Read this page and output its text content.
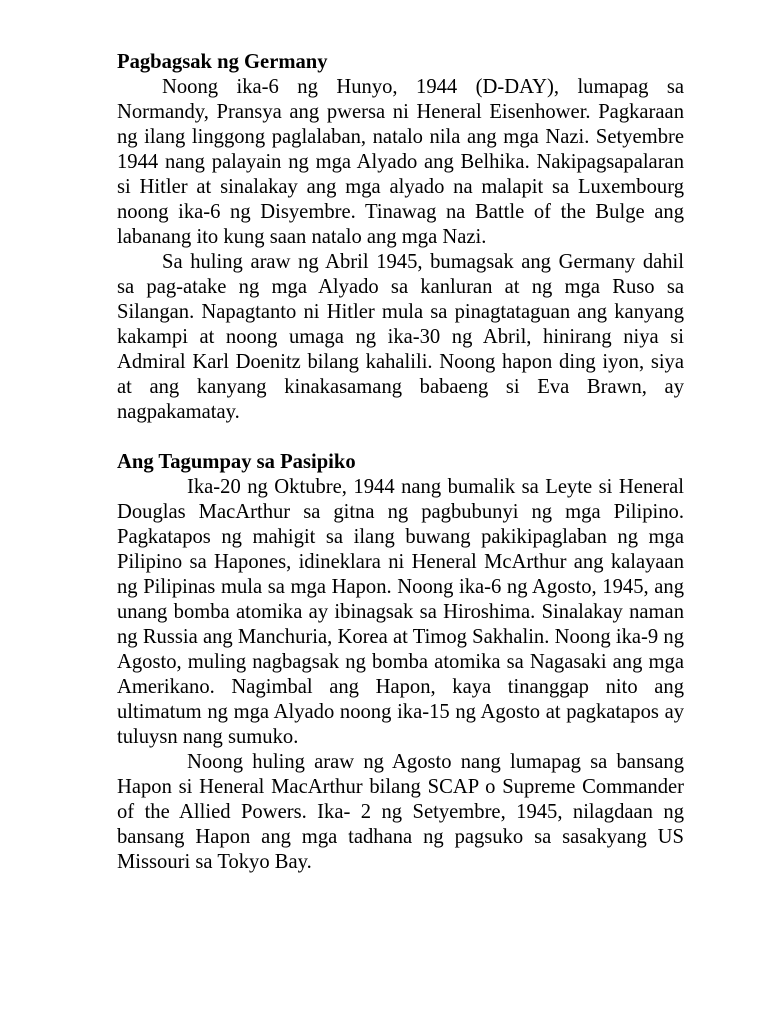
Pagbagsak ng Germany

Noong ika-6 ng Hunyo, 1944 (D-DAY), lumapag sa Normandy, Pransya ang pwersa ni Heneral Eisenhower. Pagkaraan ng ilang linggong paglalaban, natalo nila ang mga Nazi. Setyembre 1944 nang palayain ng mga Alyado ang Belhika. Nakipagsapalaran si Hitler at sinalakay ang mga alyado na malapit sa Luxembourg noong ika-6 ng Disyembre. Tinawag na Battle of the Bulge ang labanang ito kung saan natalo ang mga Nazi.

Sa huling araw ng Abril 1945, bumagsak ang Germany dahil sa pag-atake ng mga Alyado sa kanluran at ng mga Ruso sa Silangan. Napagtanto ni Hitler mula sa pinagtataguan ang kanyang kakampi at noong umaga ng ika-30 ng Abril, hinirang niya si Admiral Karl Doenitz bilang kahalili. Noong hapon ding iyon, siya at ang kanyang kinakasamang babaeng si Eva Brawn, ay nagpakamatay.

Ang Tagumpay sa Pasipiko

Ika-20 ng Oktubre, 1944 nang bumalik sa Leyte si Heneral Douglas MacArthur sa gitna ng pagbubunyi ng mga Pilipino. Pagkatapos ng mahigit sa ilang buwang pakikipaglaban ng mga Pilipino sa Hapones, idineklara ni Heneral McArthur ang kalayaan ng Pilipinas mula sa mga Hapon. Noong ika-6 ng Agosto, 1945, ang unang bomba atomika ay ibinagsak sa Hiroshima. Sinalakay naman ng Russia ang Manchuria, Korea at Timog Sakhalin. Noong ika-9 ng Agosto, muling nagbagsak ng bomba atomika sa Nagasaki ang mga Amerikano. Nagimbal ang Hapon, kaya tinanggap nito ang ultimatum ng mga Alyado noong ika-15 ng Agosto at pagkatapos ay tuluysn nang sumuko.

Noong huling araw ng Agosto nang lumapag sa bansang Hapon si Heneral MacArthur bilang SCAP o Supreme Commander of the Allied Powers. Ika- 2 ng Setyembre, 1945, nilagdaan ng bansang Hapon ang mga tadhana ng pagsuko sa sasakyang US Missouri sa Tokyo Bay.
